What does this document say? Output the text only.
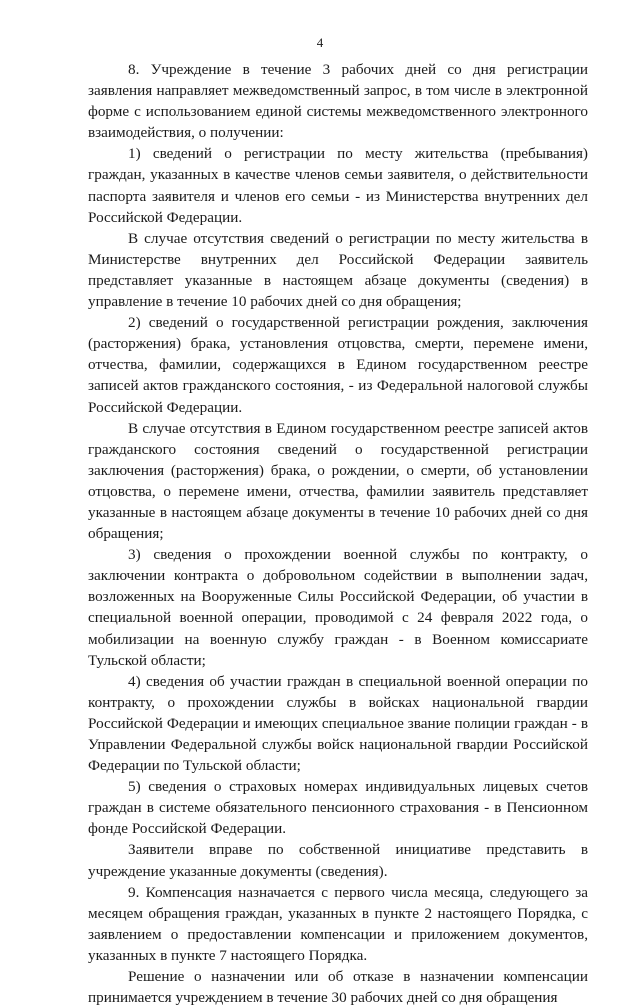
4

8. Учреждение в течение 3 рабочих дней со дня регистрации заявления направляет межведомственный запрос, в том числе в электронной форме с использованием единой системы межведомственного электронного взаимодействия, о получении:

1) сведений о регистрации по месту жительства (пребывания) граждан, указанных в качестве членов семьи заявителя, о действительности паспорта заявителя и членов его семьи - из Министерства внутренних дел Российской Федерации.

В случае отсутствия сведений о регистрации по месту жительства в Министерстве внутренних дел Российской Федерации заявитель представляет указанные в настоящем абзаце документы (сведения) в управление в течение 10 рабочих дней со дня обращения;

2) сведений о государственной регистрации рождения, заключения (расторжения) брака, установления отцовства, смерти, перемене имени, отчества, фамилии, содержащихся в Едином государственном реестре записей актов гражданского состояния, - из Федеральной налоговой службы Российской Федерации.

В случае отсутствия в Едином государственном реестре записей актов гражданского состояния сведений о государственной регистрации заключения (расторжения) брака, о рождении, о смерти, об установлении отцовства, о перемене имени, отчества, фамилии заявитель представляет указанные в настоящем абзаце документы в течение 10 рабочих дней со дня обращения;

3) сведения о прохождении военной службы по контракту, о заключении контракта о добровольном содействии в выполнении задач, возложенных на Вооруженные Силы Российской Федерации, об участии в специальной военной операции, проводимой с 24 февраля 2022 года, о мобилизации на военную службу граждан - в Военном комиссариате Тульской области;

4) сведения об участии граждан в специальной военной операции по контракту, о прохождении службы в войсках национальной гвардии Российской Федерации и имеющих специальное звание полиции граждан - в Управлении Федеральной службы войск национальной гвардии Российской Федерации по Тульской области;

5) сведения о страховых номерах индивидуальных лицевых счетов граждан в системе обязательного пенсионного страхования - в Пенсионном фонде Российской Федерации.

Заявители вправе по собственной инициативе представить в учреждение указанные документы (сведения).

9. Компенсация назначается с первого числа месяца, следующего за месяцем обращения граждан, указанных в пункте 2 настоящего Порядка, с заявлением о предоставлении компенсации и приложением документов, указанных в пункте 7 настоящего Порядка.

Решение о назначении или об отказе в назначении компенсации принимается учреждением в течение 30 рабочих дней со дня обращения
